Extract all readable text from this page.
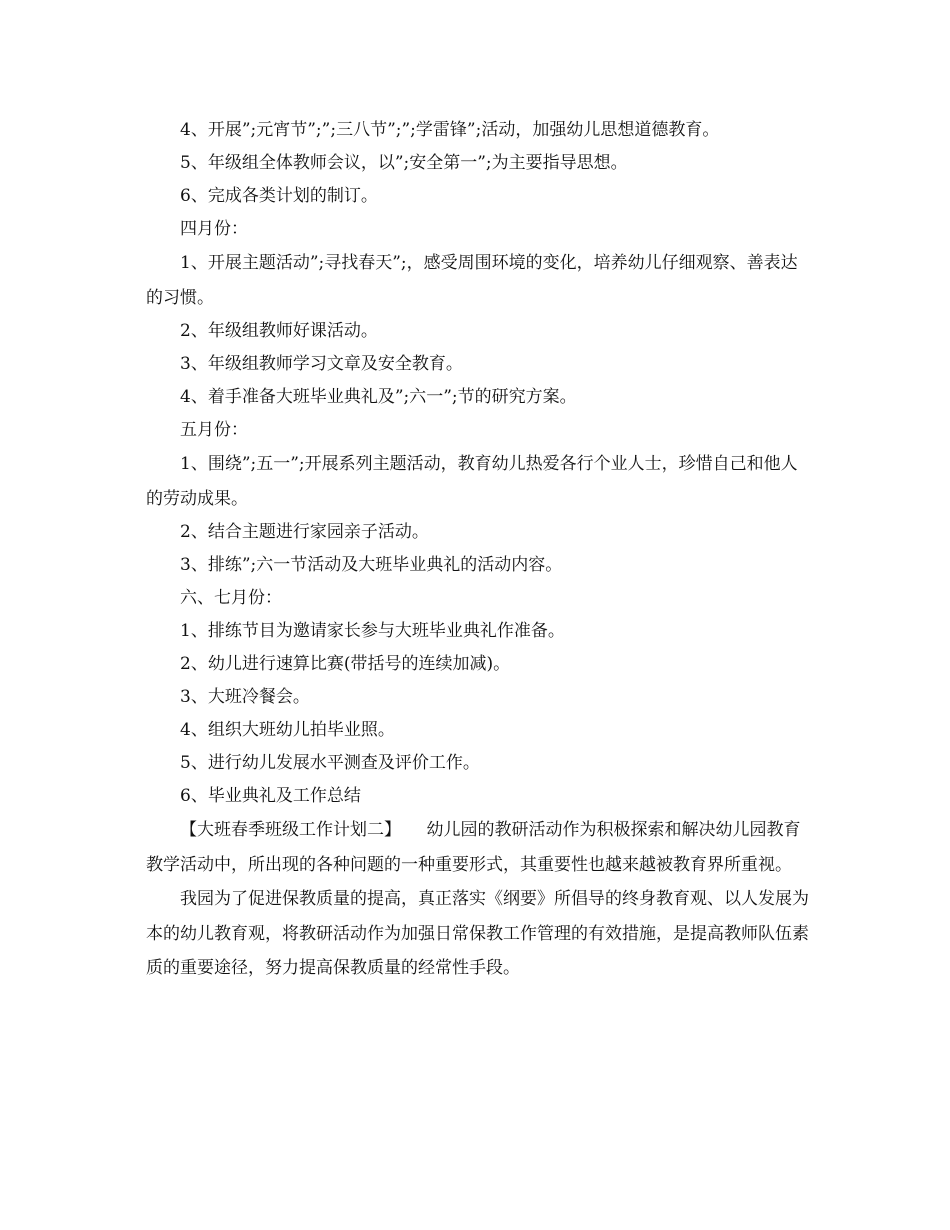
4、开展”;元宵节”;”;三八节”;”;学雷锋”;活动，加强幼儿思想道德教育。

5、年级组全体教师会议，以”;安全第一”;为主要指导思想。

6、完成各类计划的制订。

四月份：

1、开展主题活动”;寻找春天”;，感受周围环境的变化，培养幼儿仔细观察、善表达的习惯。

2、年级组教师好课活动。

3、年级组教师学习文章及安全教育。

4、着手准备大班毕业典礼及”;六一”;节的研究方案。

五月份：

1、围绕”;五一”;开展系列主题活动，教育幼儿热爱各行个业人士，珍惜自己和他人的劳动成果。

2、结合主题进行家园亲子活动。

3、排练”;六一节活动及大班毕业典礼的活动内容。

六、七月份：

1、排练节目为邀请家长参与大班毕业典礼作准备。

2、幼儿进行速算比赛(带括号的连续加减)。

3、大班冷餐会。

4、组织大班幼儿拍毕业照。

5、进行幼儿发展水平测查及评价工作。

6、毕业典礼及工作总结

【大班春季班级工作计划二】　　幼儿园的教研活动作为积极探索和解决幼儿园教育教学活动中，所出现的各种问题的一种重要形式，其重要性也越来越被教育界所重视。

我园为了促进保教质量的提高，真正落实《纲要》所倡导的终身教育观、以人发展为本的幼儿教育观，将教研活动作为加强日常保教工作管理的有效措施，是提高教师队伍素质的重要途径，努力提高保教质量的经常性手段。
